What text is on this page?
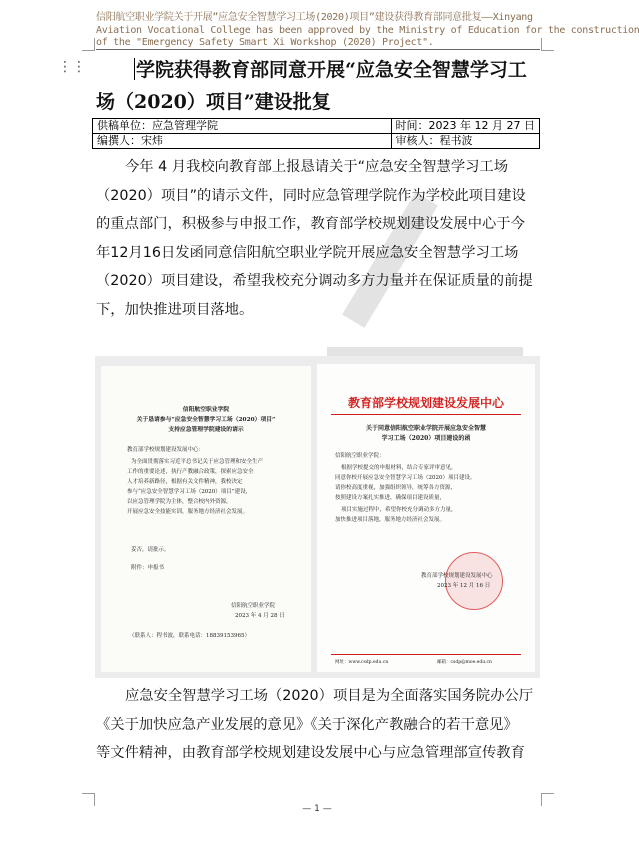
信阳航空职业学院关于开展”应急安全智慧学习工场(2020)项目”建设获得教育部同意批复——Xinyang
Aviation Vocational College has been approved by the Ministry of Education for the construction
of the "Emergency Safety Smart Xi Workshop (2020) Project".
⋮⋮	学院获得教育部同意开展“应急安全智慧学习工
场（2020）项目”建设批复
供稿单位：应急管理学院	时间：2023 年 12 月 27 日
编撰人：宋炜	审核人：程书波
今年 4 月我校向教育部上报恳请关于“应急安全智慧学习工场
（2020）项目”的请示文件，同时应急管理学院作为学校此项目建设
的重点部门，积极参与申报工作，教育部学校规划建设发展中心于今
年12月16日发函同意信阳航空职业学院开展应急安全智慧学习工场
（2020）项目建设，希望我校充分调动多方力量并在保证质量的前提
下，加快推进项目落地。
信阳航空职业学院
关于恳请参与“应急安全智慧学习工场（2020）项目”
支持应急管理学院建设的请示
教育部学校规划建设发展中心：
为全面贯彻落实习近平总书记关于应急管理和安全生产
工作的重要论述，执行产教融合政策，探索应急安全
人才培养新路径，根据有关文件精神，我校决定
参与“应急安全智慧学习工场（2020）项目”建设，
以应急管理学院为主体，整合校内外资源，
开展应急安全技能实训，服务地方经济社会发展。
妥否，请批示。
附件：申报书
信阳航空职业学院
2023 年 4 月 28 日
（联系人：程书波，联系电话：18839153965）
教育部学校规划建设发展中心
关于同意信阳航空职业学院开展应急安全智慧
学习工场（2020）项目建设的函
信阳航空职业学院：
根据学校提交的申报材料，结合专家评审意见，
同意你校开展应急安全智慧学习工场（2020）项目建设。
请你校高度重视，加强组织领导，统筹各方资源，
按照建设方案扎实推进，确保项目建设质量，
项目实施过程中，希望你校充分调动多方力量，
加快推进项目落地，服务地方经济社会发展。
教育部学校规划建设发展中心
2023 年 12 月 16 日
网址：www.csdp.edu.cn	邮箱：csdp@moe.edu.cn
应急安全智慧学习工场（2020）项目是为全面落实国务院办公厅
《关于加快应急产业发展的意见》《关于深化产教融合的若干意见》
等文件精神，由教育部学校规划建设发展中心与应急管理部宣传教育
— 1 —
